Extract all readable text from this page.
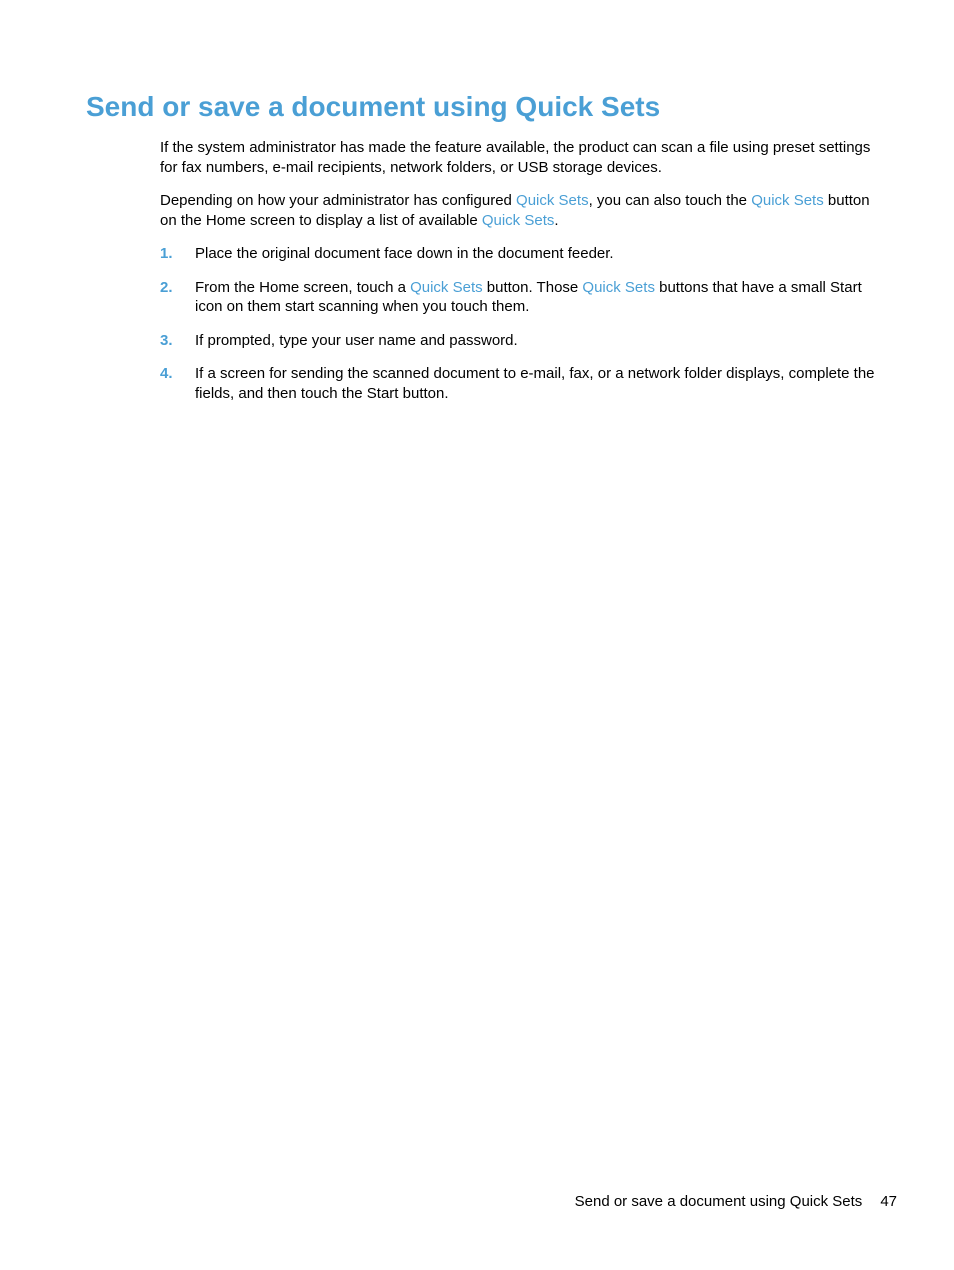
Send or save a document using Quick Sets

If the system administrator has made the feature available, the product can scan a file using preset settings for fax numbers, e-mail recipients, network folders, or USB storage devices.

Depending on how your administrator has configured Quick Sets, you can also touch the Quick Sets button on the Home screen to display a list of available Quick Sets.

1. Place the original document face down in the document feeder.
2. From the Home screen, touch a Quick Sets button. Those Quick Sets buttons that have a small Start icon on them start scanning when you touch them.
3. If prompted, type your user name and password.
4. If a screen for sending the scanned document to e-mail, fax, or a network folder displays, complete the fields, and then touch the Start button.
Send or save a document using Quick Sets 47
